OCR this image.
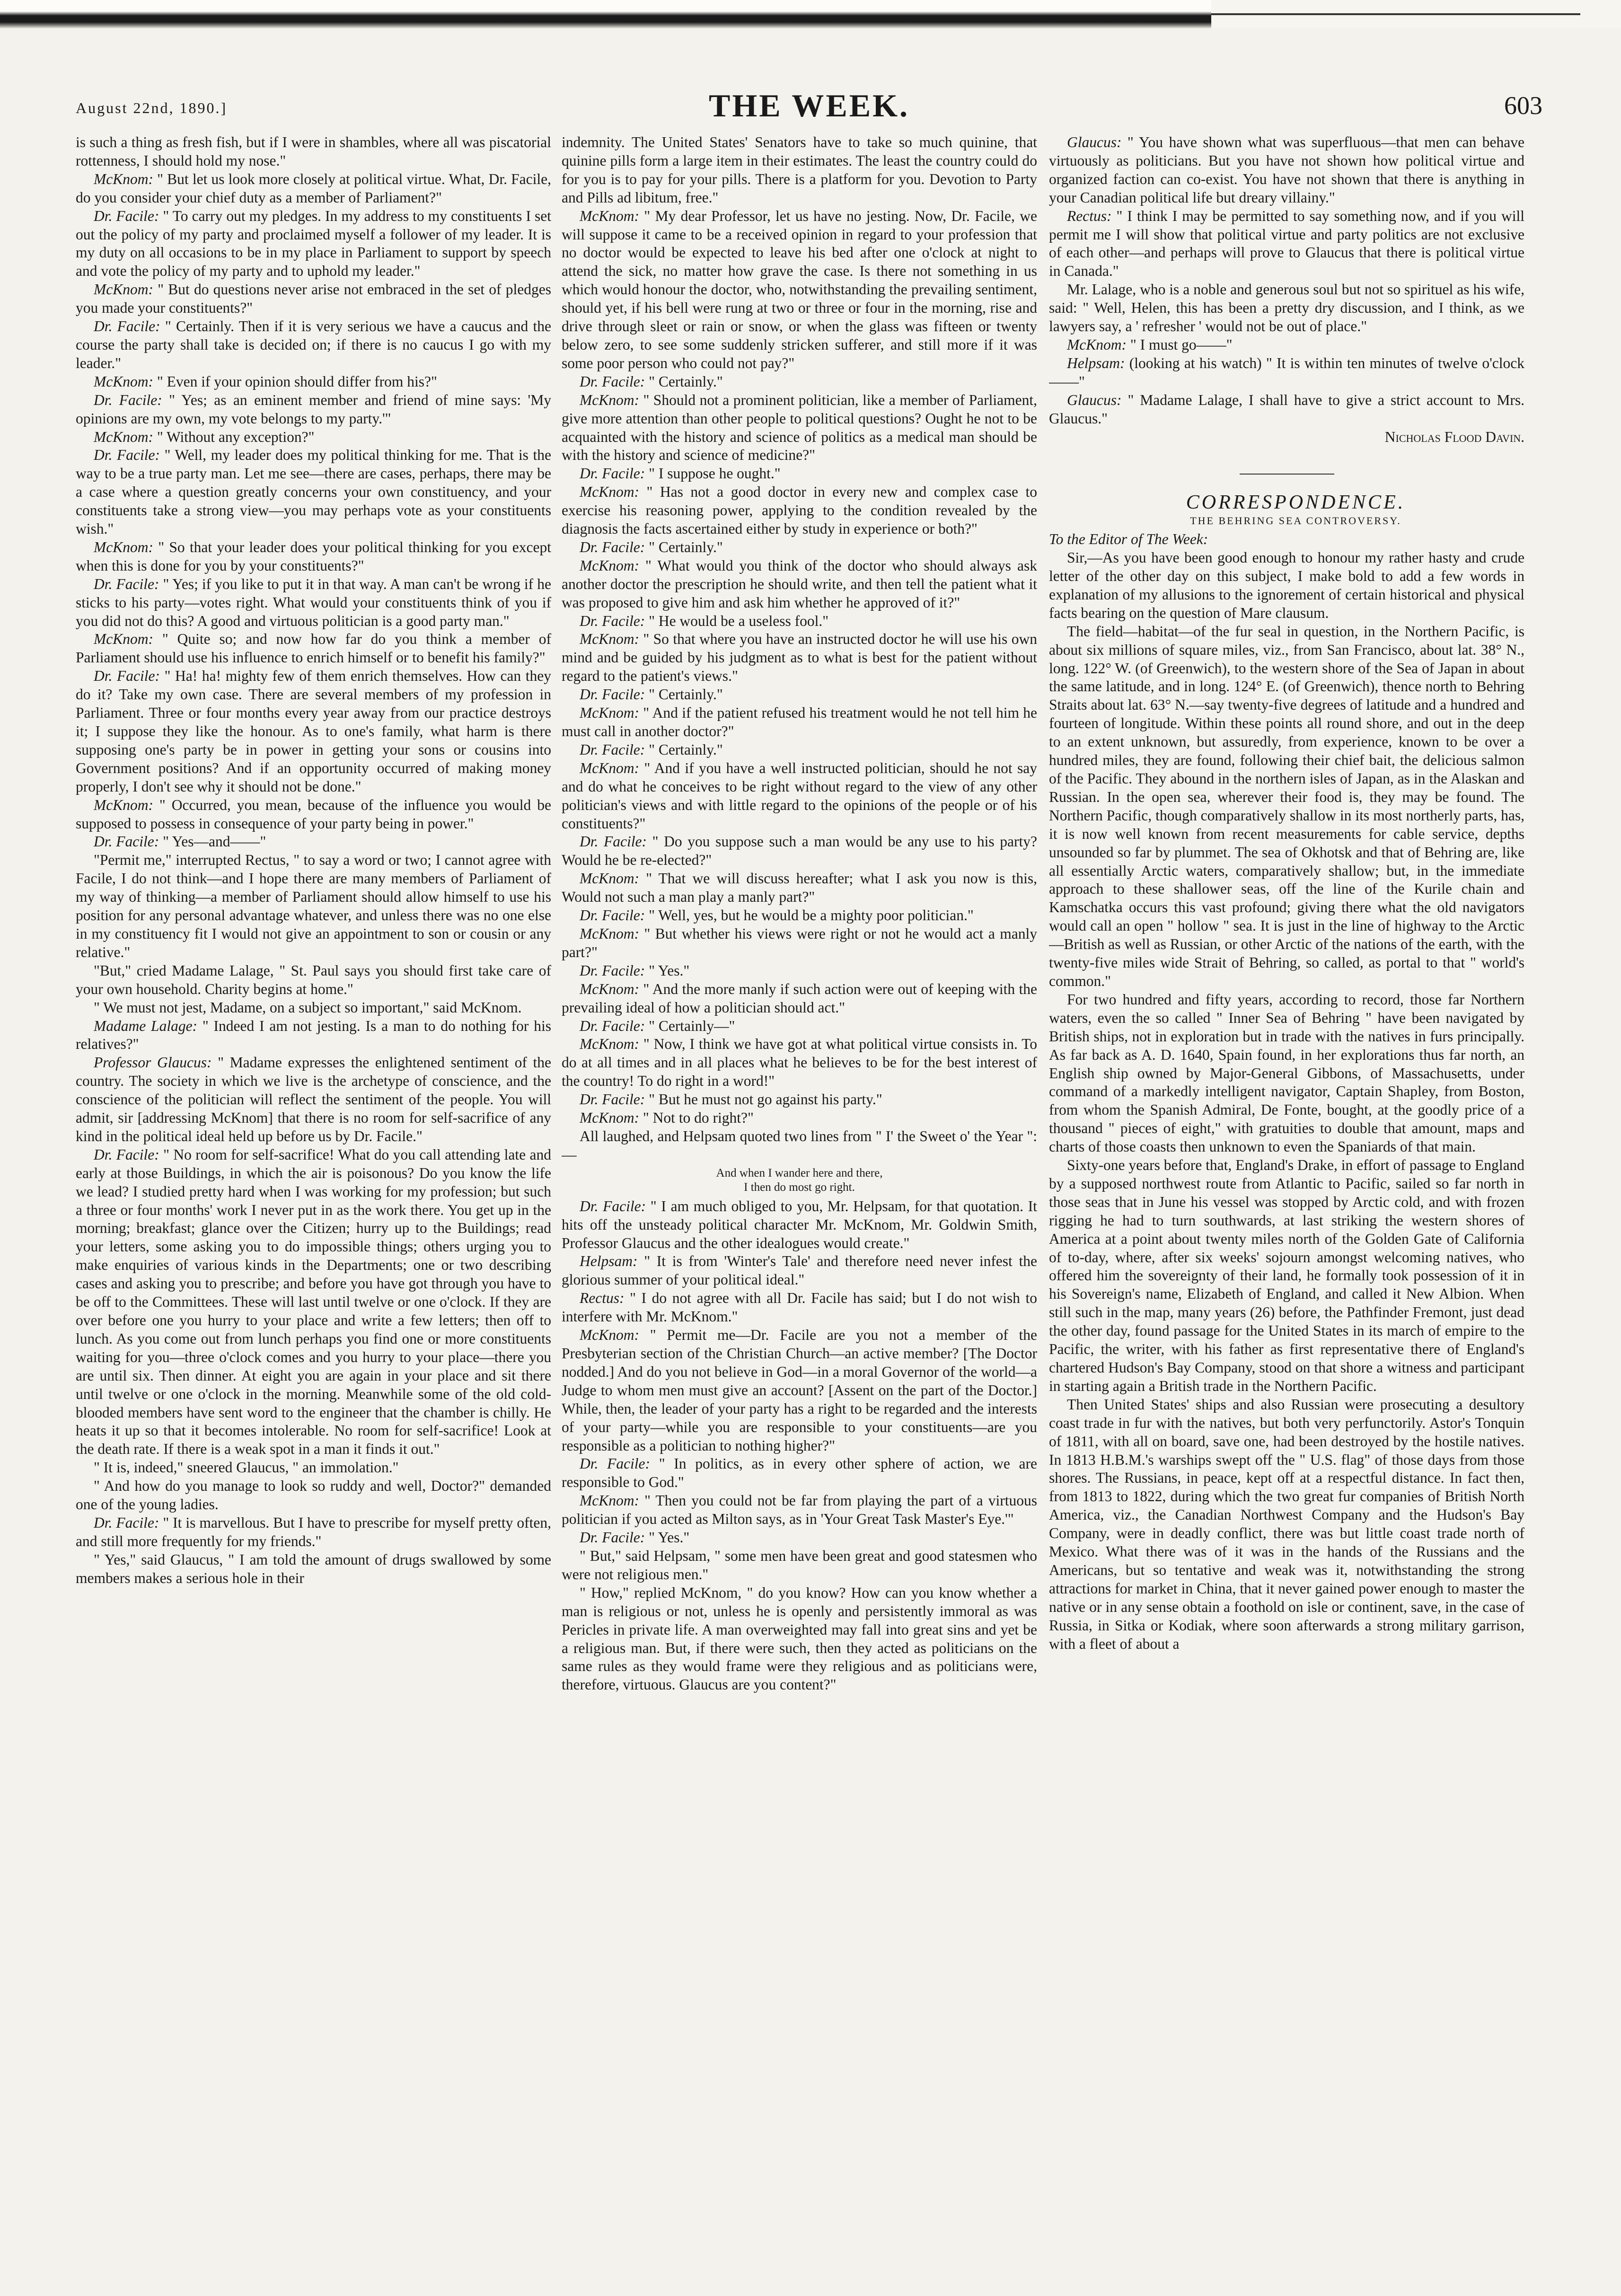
August 22nd, 1890.]	THE WEEK.	603

is such a thing as fresh fish, but if I were in shambles, where all was piscatorial rottenness, I should hold my nose."

McKnom: " But let us look more closely at political virtue. What, Dr. Facile, do you consider your chief duty as a member of Parliament?"

Dr. Facile: " To carry out my pledges. In my address to my constituents I set out the policy of my party and proclaimed myself a follower of my leader. It is my duty on all occasions to be in my place in Parliament to support by speech and vote the policy of my party and to uphold my leader."

McKnom: " But do questions never arise not embraced in the set of pledges you made your constituents?"

Dr. Facile: " Certainly. Then if it is very serious we have a caucus and the course the party shall take is decided on; if there is no caucus I go with my leader."

McKnom: " Even if your opinion should differ from his?"

Dr. Facile: " Yes; as an eminent member and friend of mine says: 'My opinions are my own, my vote belongs to my party.'"

McKnom: " Without any exception?"

Dr. Facile: " Well, my leader does my political thinking for me. That is the way to be a true party man. Let me see—there are cases, perhaps, there may be a case where a question greatly concerns your own constituency, and your constituents take a strong view—you may perhaps vote as your constituents wish."

McKnom: " So that your leader does your political thinking for you except when this is done for you by your constituents?"

Dr. Facile: " Yes; if you like to put it in that way. A man can't be wrong if he sticks to his party—votes right. What would your constituents think of you if you did not do this? A good and virtuous politician is a good party man."

McKnom: " Quite so; and now how far do you think a member of Parliament should use his influence to enrich himself or to benefit his family?"

Dr. Facile: " Ha! ha! mighty few of them enrich themselves. How can they do it? Take my own case. There are several members of my profession in Parliament. Three or four months every year away from our practice destroys it; I suppose they like the honour. As to one's family, what harm is there supposing one's party be in power in getting your sons or cousins into Government positions? And if an opportunity occurred of making money properly, I don't see why it should not be done."

McKnom: " Occurred, you mean, because of the influence you would be supposed to possess in consequence of your party being in power."

Dr. Facile: " Yes—and——"

"Permit me," interrupted Rectus, " to say a word or two; I cannot agree with Facile, I do not think—and I hope there are many members of Parliament of my way of thinking—a member of Parliament should allow himself to use his position for any personal advantage whatever, and unless there was no one else in my constituency fit I would not give an appointment to son or cousin or any relative."

"But," cried Madame Lalage, " St. Paul says you should first take care of your own household. Charity begins at home."

" We must not jest, Madame, on a subject so important," said McKnom.

Madame Lalage: " Indeed I am not jesting. Is a man to do nothing for his relatives?"

Professor Glaucus: " Madame expresses the enlightened sentiment of the country. The society in which we live is the archetype of conscience, and the conscience of the politician will reflect the sentiment of the people. You will admit, sir [addressing McKnom] that there is no room for self-sacrifice of any kind in the political ideal held up before us by Dr. Facile."

Dr. Facile: " No room for self-sacrifice! What do you call attending late and early at those Buildings, in which the air is poisonous? Do you know the life we lead? I studied pretty hard when I was working for my profession; but such a three or four months' work I never put in as the work there. You get up in the morning; breakfast; glance over the Citizen; hurry up to the Buildings; read your letters, some asking you to do impossible things; others urging you to make enquiries of various kinds in the Departments; one or two describing cases and asking you to prescribe; and before you have got through you have to be off to the Committees. These will last until twelve or one o'clock. If they are over before one you hurry to your place and write a few letters; then off to lunch. As you come out from lunch perhaps you find one or more constituents waiting for you—three o'clock comes and you hurry to your place—there you are until six. Then dinner. At eight you are again in your place and sit there until twelve or one o'clock in the morning. Meanwhile some of the old cold-blooded members have sent word to the engineer that the chamber is chilly. He heats it up so that it becomes intolerable. No room for self-sacrifice! Look at the death rate. If there is a weak spot in a man it finds it out."

" It is, indeed," sneered Glaucus, " an immolation."

" And how do you manage to look so ruddy and well, Doctor?" demanded one of the young ladies.

Dr. Facile: " It is marvellous. But I have to prescribe for myself pretty often, and still more frequently for my friends."

" Yes," said Glaucus, " I am told the amount of drugs swallowed by some members makes a serious hole in their

indemnity. The United States' Senators have to take so much quinine, that quinine pills form a large item in their estimates. The least the country could do for you is to pay for your pills. There is a platform for you. Devotion to Party and Pills ad libitum, free."

McKnom: " My dear Professor, let us have no jesting. Now, Dr. Facile, we will suppose it came to be a received opinion in regard to your profession that no doctor would be expected to leave his bed after one o'clock at night to attend the sick, no matter how grave the case. Is there not something in us which would honour the doctor, who, notwithstanding the prevailing sentiment, should yet, if his bell were rung at two or three or four in the morning, rise and drive through sleet or rain or snow, or when the glass was fifteen or twenty below zero, to see some suddenly stricken sufferer, and still more if it was some poor person who could not pay?"

Dr. Facile: " Certainly."

McKnom: " Should not a prominent politician, like a member of Parliament, give more attention than other people to political questions? Ought he not to be acquainted with the history and science of politics as a medical man should be with the history and science of medicine?"

Dr. Facile: " I suppose he ought."

McKnom: " Has not a good doctor in every new and complex case to exercise his reasoning power, applying to the condition revealed by the diagnosis the facts ascertained either by study in experience or both?"

Dr. Facile: " Certainly."

McKnom: " What would you think of the doctor who should always ask another doctor the prescription he should write, and then tell the patient what it was proposed to give him and ask him whether he approved of it?"

Dr. Facile: " He would be a useless fool."

McKnom: " So that where you have an instructed doctor he will use his own mind and be guided by his judgment as to what is best for the patient without regard to the patient's views."

Dr. Facile: " Certainly."

McKnom: " And if the patient refused his treatment would he not tell him he must call in another doctor?"

Dr. Facile: " Certainly."

McKnom: " And if you have a well instructed politician, should he not say and do what he conceives to be right without regard to the view of any other politician's views and with little regard to the opinions of the people or of his constituents?"

Dr. Facile: " Do you suppose such a man would be any use to his party? Would he be re-elected?"

McKnom: " That we will discuss hereafter; what I ask you now is this, Would not such a man play a manly part?"

Dr. Facile: " Well, yes, but he would be a mighty poor politician."

McKnom: " But whether his views were right or not he would act a manly part?"

Dr. Facile: " Yes."

McKnom: " And the more manly if such action were out of keeping with the prevailing ideal of how a politician should act."

Dr. Facile: " Certainly—"

McKnom: " Now, I think we have got at what political virtue consists in. To do at all times and in all places what he believes to be for the best interest of the country! To do right in a word!"

Dr. Facile: " But he must not go against his party."

McKnom: " Not to do right?"

All laughed, and Helpsam quoted two lines from " I' the Sweet o' the Year ":—

And when I wander here and there,
I then do most go right.

Dr. Facile: " I am much obliged to you, Mr. Helpsam, for that quotation. It hits off the unsteady political character Mr. McKnom, Mr. Goldwin Smith, Professor Glaucus and the other idealogues would create."

Helpsam: " It is from 'Winter's Tale' and therefore need never infest the glorious summer of your political ideal."

Rectus: " I do not agree with all Dr. Facile has said; but I do not wish to interfere with Mr. McKnom."

McKnom: " Permit me—Dr. Facile are you not a member of the Presbyterian section of the Christian Church—an active member? [The Doctor nodded.] And do you not believe in God—in a moral Governor of the world—a Judge to whom men must give an account? [Assent on the part of the Doctor.] While, then, the leader of your party has a right to be regarded and the interests of your party—while you are responsible to your constituents—are you responsible as a politician to nothing higher?"

Dr. Facile: " In politics, as in every other sphere of action, we are responsible to God."

McKnom: " Then you could not be far from playing the part of a virtuous politician if you acted as Milton says, as in 'Your Great Task Master's Eye.'"

Dr. Facile: " Yes."

" But," said Helpsam, " some men have been great and good statesmen who were not religious men."

" How," replied McKnom, " do you know? How can you know whether a man is religious or not, unless he is openly and persistently immoral as was Pericles in private life. A man overweighted may fall into great sins and yet be a religious man. But, if there were such, then they acted as politicians on the same rules as they would frame were they religious and as politicians were, therefore, virtuous. Glaucus are you content?"

Glaucus: " You have shown what was superfluous—that men can behave virtuously as politicians. But you have not shown how political virtue and organized faction can co-exist. You have not shown that there is anything in your Canadian political life but dreary villainy."

Rectus: " I think I may be permitted to say something now, and if you will permit me I will show that political virtue and party politics are not exclusive of each other—and perhaps will prove to Glaucus that there is political virtue in Canada."

Mr. Lalage, who is a noble and generous soul but not so spirituel as his wife, said: " Well, Helen, this has been a pretty dry discussion, and I think, as we lawyers say, a ' refresher ' would not be out of place."

McKnom: " I must go——"

Helpsam: (looking at his watch) " It is within ten minutes of twelve o'clock——"

Glaucus: " Madame Lalage, I shall have to give a strict account to Mrs. Glaucus."

Nicholas Flood Davin.

CORRESPONDENCE.

THE BEHRING SEA CONTROVERSY.

To the Editor of The Week:

Sir,—As you have been good enough to honour my rather hasty and crude letter of the other day on this subject, I make bold to add a few words in explanation of my allusions to the ignorement of certain historical and physical facts bearing on the question of Mare clausum.

The field—habitat—of the fur seal in question, in the Northern Pacific, is about six millions of square miles, viz., from San Francisco, about lat. 38° N., long. 122° W. (of Greenwich), to the western shore of the Sea of Japan in about the same latitude, and in long. 124° E. (of Greenwich), thence north to Behring Straits about lat. 63° N.—say twenty-five degrees of latitude and a hundred and fourteen of longitude. Within these points all round shore, and out in the deep to an extent unknown, but assuredly, from experience, known to be over a hundred miles, they are found, following their chief bait, the delicious salmon of the Pacific. They abound in the northern isles of Japan, as in the Alaskan and Russian. In the open sea, wherever their food is, they may be found. The Northern Pacific, though comparatively shallow in its most northerly parts, has, it is now well known from recent measurements for cable service, depths unsounded so far by plummet. The sea of Okhotsk and that of Behring are, like all essentially Arctic waters, comparatively shallow; but, in the immediate approach to these shallower seas, off the line of the Kurile chain and Kamschatka occurs this vast profound; giving there what the old navigators would call an open " hollow " sea. It is just in the line of highway to the Arctic—British as well as Russian, or other Arctic of the nations of the earth, with the twenty-five miles wide Strait of Behring, so called, as portal to that " world's common."

For two hundred and fifty years, according to record, those far Northern waters, even the so called " Inner Sea of Behring " have been navigated by British ships, not in exploration but in trade with the natives in furs principally. As far back as A. D. 1640, Spain found, in her explorations thus far north, an English ship owned by Major-General Gibbons, of Massachusetts, under command of a markedly intelligent navigator, Captain Shapley, from Boston, from whom the Spanish Admiral, De Fonte, bought, at the goodly price of a thousand " pieces of eight," with gratuities to double that amount, maps and charts of those coasts then unknown to even the Spaniards of that main.

Sixty-one years before that, England's Drake, in effort of passage to England by a supposed northwest route from Atlantic to Pacific, sailed so far north in those seas that in June his vessel was stopped by Arctic cold, and with frozen rigging he had to turn southwards, at last striking the western shores of America at a point about twenty miles north of the Golden Gate of California of to-day, where, after six weeks' sojourn amongst welcoming natives, who offered him the sovereignty of their land, he formally took possession of it in his Sovereign's name, Elizabeth of England, and called it New Albion. When still such in the map, many years (26) before, the Pathfinder Fremont, just dead the other day, found passage for the United States in its march of empire to the Pacific, the writer, with his father as first representative there of England's chartered Hudson's Bay Company, stood on that shore a witness and participant in starting again a British trade in the Northern Pacific.

Then United States' ships and also Russian were prosecuting a desultory coast trade in fur with the natives, but both very perfunctorily. Astor's Tonquin of 1811, with all on board, save one, had been destroyed by the hostile natives. In 1813 H.B.M.'s warships swept off the " U.S. flag" of those days from those shores. The Russians, in peace, kept off at a respectful distance. In fact then, from 1813 to 1822, during which the two great fur companies of British North America, viz., the Canadian Northwest Company and the Hudson's Bay Company, were in deadly conflict, there was but little coast trade north of Mexico. What there was of it was in the hands of the Russians and the Americans, but so tentative and weak was it, notwithstanding the strong attractions for market in China, that it never gained power enough to master the native or in any sense obtain a foothold on isle or continent, save, in the case of Russia, in Sitka or Kodiak, where soon afterwards a strong military garrison, with a fleet of about a
